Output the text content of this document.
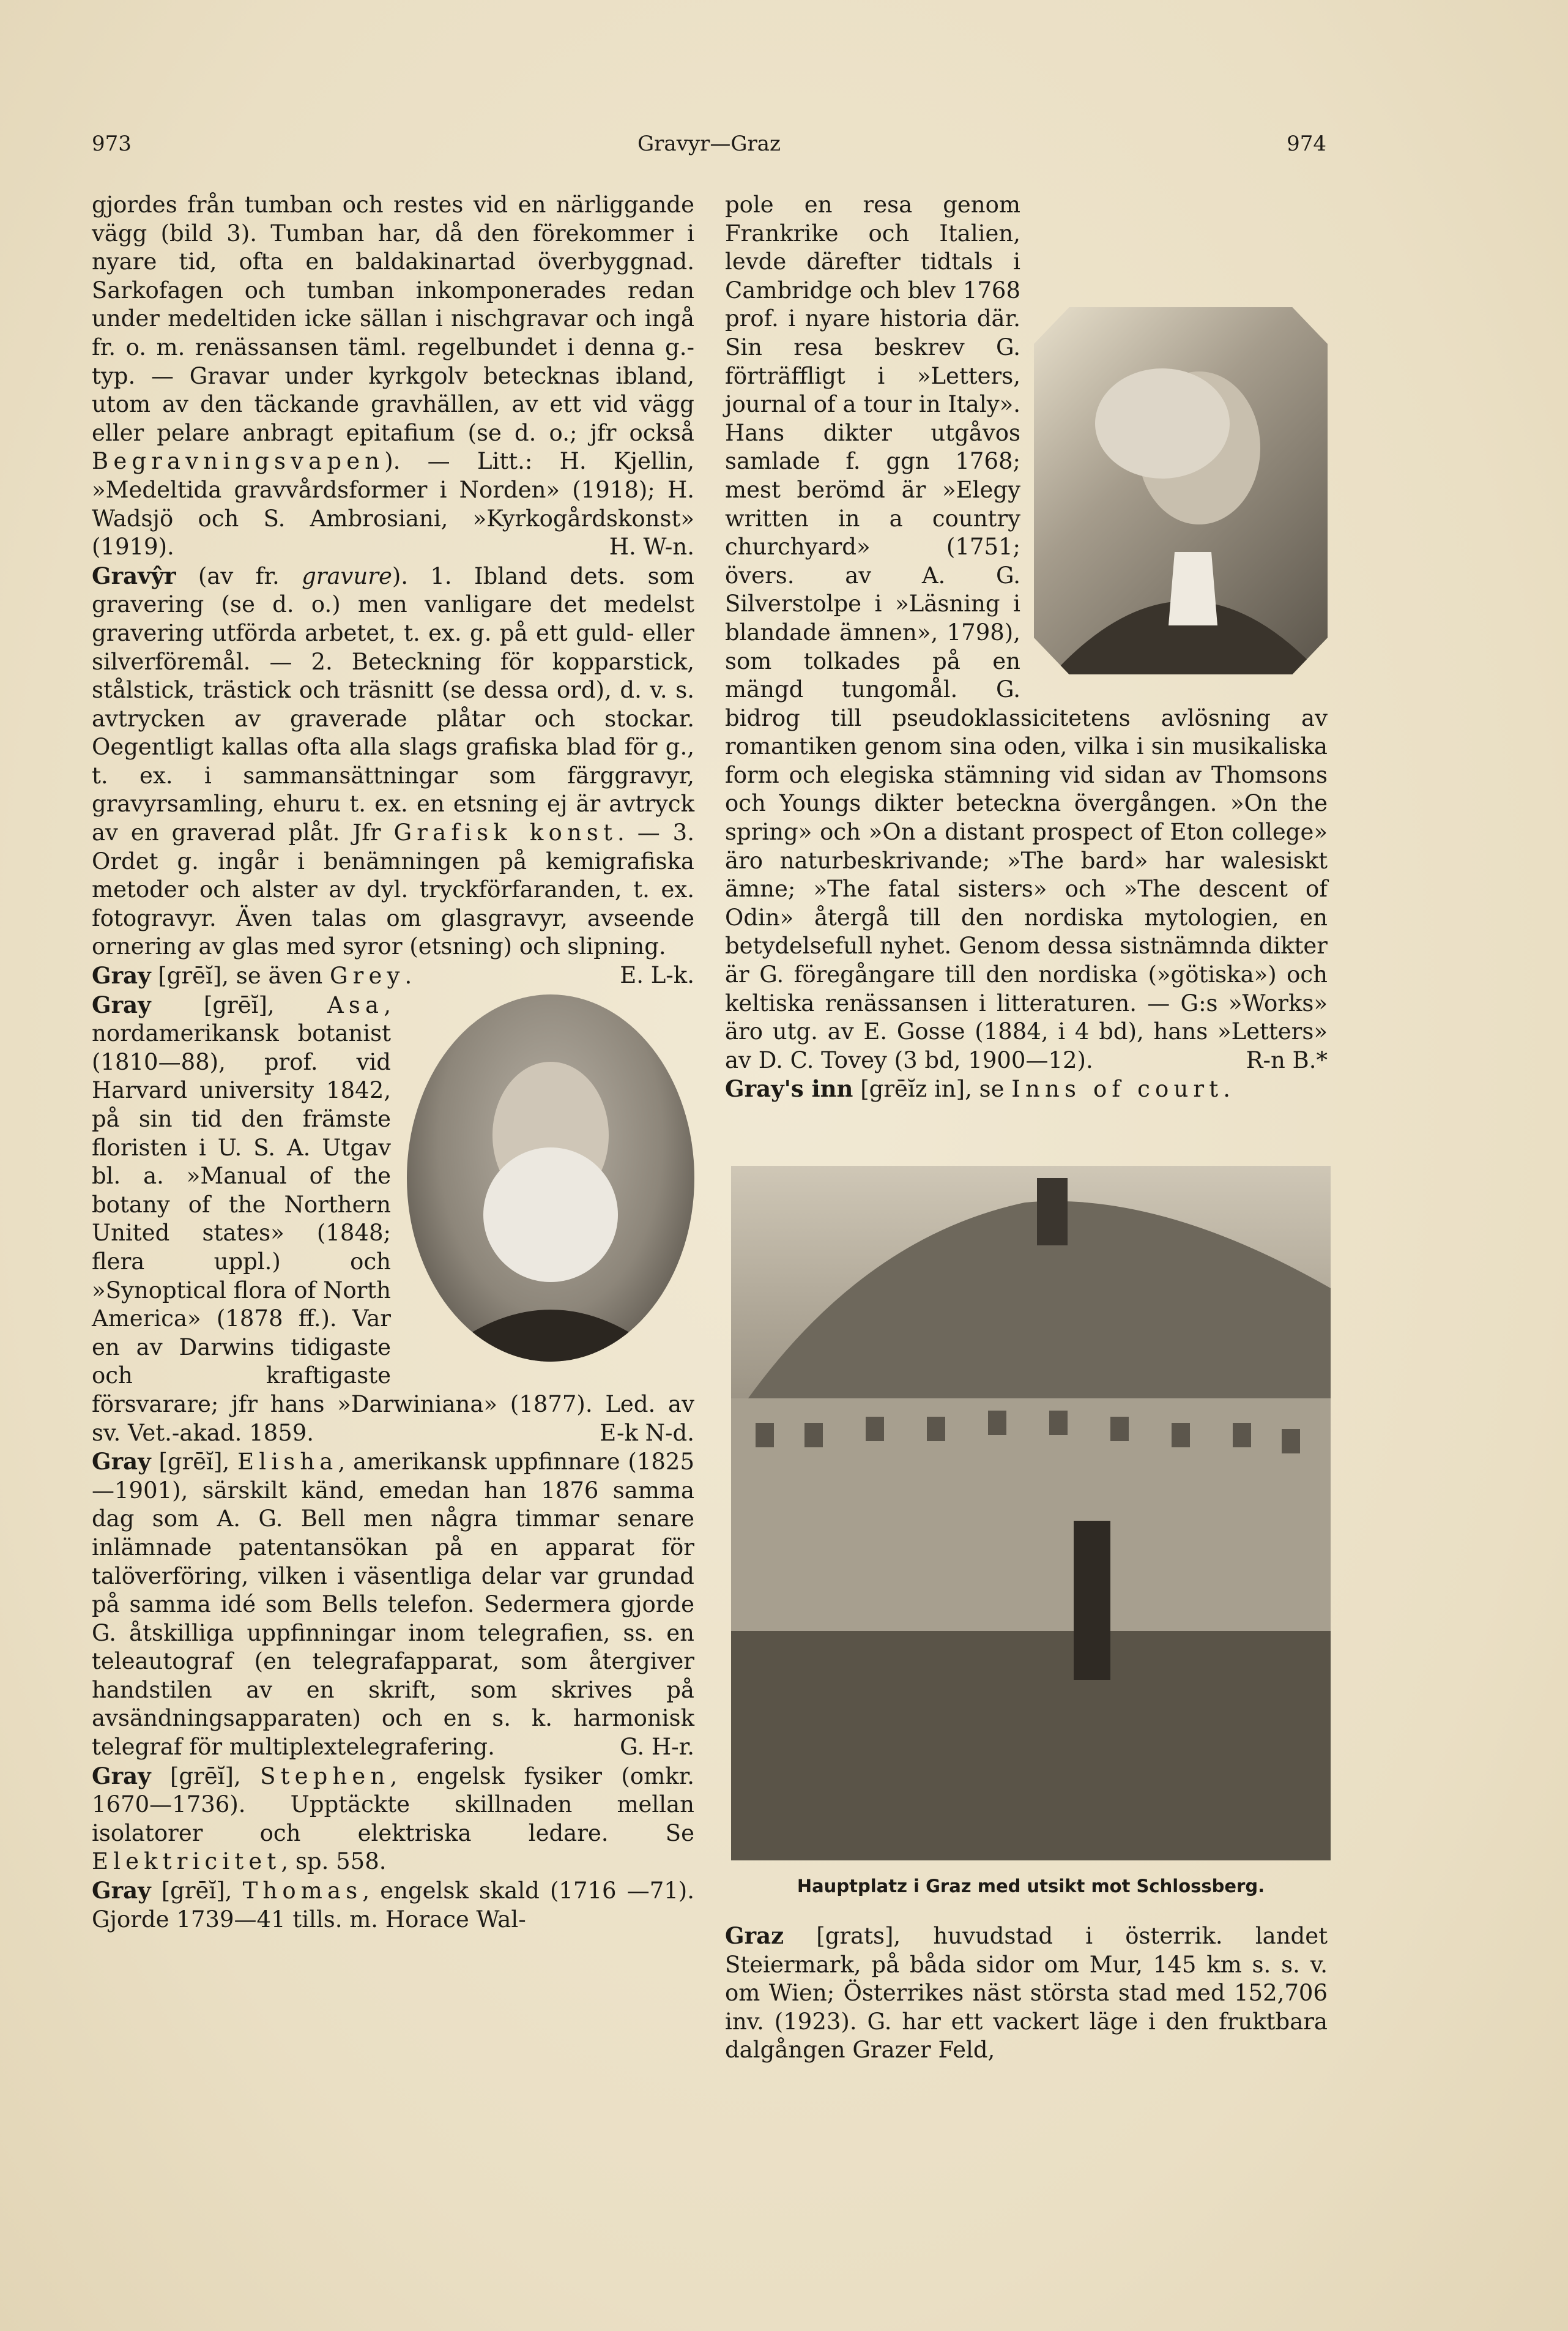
973	Gravyr—Graz	974

gjordes från tumban och restes vid en närliggande vägg (bild 3). Tumban har, då den förekommer i nyare tid, ofta en baldakinartad överbyggnad. Sarkofagen och tumban inkomponerades redan under medeltiden icke sällan i nischgravar och ingå fr. o. m. renässansen täml. regelbundet i denna g.-typ. — Gravar under kyrkgolv betecknas ibland, utom av den täckande gravhällen, av ett vid vägg eller pelare anbragt epitafium (se d. o.; jfr också Begravningsvapen). — Litt.: H. Kjellin, »Medeltida gravvårdsformer i Norden» (1918); H. Wadsjö och S. Ambrosiani, »Kyrkogårdskonst» (1919).	H. W-n.

Gravŷr (av fr. gravure). 1. Ibland dets. som gravering (se d. o.) men vanligare det medelst gravering utförda arbetet, t. ex. g. på ett guld- eller silverföremål. — 2. Beteckning för kopparstick, stålstick, trästick och träsnitt (se dessa ord), d. v. s. avtrycken av graverade plåtar och stockar. Oegentligt kallas ofta alla slags grafiska blad för g., t. ex. i sammansättningar som färggravyr, gravyrsamling, ehuru t. ex. en etsning ej är avtryck av en graverad plåt. Jfr Grafisk konst. — 3. Ordet g. ingår i benämningen på kemigrafiska metoder och alster av dyl. tryckförfaranden, t. ex. fotogravyr. Även talas om glasgravyr, avseende ornering av glas med syror (etsning) och slipning.
E. L-k.

Gray [grēĭ], se även Grey.

Gray [grēĭ], Asa, nordamerikansk botanist (1810—88), prof. vid Harvard university 1842, på sin tid den främste floristen i U. S. A. Utgav bl. a. »Manual of the botany of the Northern United states» (1848; flera uppl.) och »Synoptical flora of North America» (1878 ff.). Var en av Darwins tidigaste och kraftigaste försvarare; jfr hans »Darwiniana» (1877). Led. av sv. Vet.-akad. 1859.	E-k N-d.

Gray [grēĭ], Elisha, amerikansk uppfinnare (1825—1901), särskilt känd, emedan han 1876 samma dag som A. G. Bell men några timmar senare inlämnade patentansökan på en apparat för talöverföring, vilken i väsentliga delar var grundad på samma idé som Bells telefon. Sedermera gjorde G. åtskilliga uppfinningar inom telegrafien, ss. en teleautograf (en telegrafapparat, som återgiver handstilen av en skrift, som skrives på avsändningsapparaten) och en s. k. harmonisk telegraf för multiplextelegrafering.	G. H-r.

Gray [grēĭ], Stephen, engelsk fysiker (omkr. 1670—1736). Upptäckte skillnaden mellan isolatorer och elektriska ledare. Se Elektricitet, sp. 558.

Gray [grēĭ], Thomas, engelsk skald (1716 —71). Gjorde 1739—41 tills. m. Horace Wal-

pole en resa genom Frankrike och Italien, levde därefter tidtals i Cambridge och blev 1768 prof. i nyare historia där. Sin resa beskrev G. förträffligt i »Letters, journal of a tour in Italy». Hans dikter utgåvos samlade f. ggn 1768; mest berömd är »Elegy written in a country churchyard» (1751; övers. av A. G. Silverstolpe i »Läsning i blandade ämnen», 1798), som tolkades på en mängd tungomål. G. bidrog till pseudoklassicitetens avlösning av romantiken genom sina oden, vilka i sin musikaliska form och elegiska stämning vid sidan av Thomsons och Youngs dikter beteckna övergången. »On the spring» och »On a distant prospect of Eton college» äro naturbeskrivande; »The bard» har walesiskt ämne; »The fatal sisters» och »The descent of Odin» återgå till den nordiska mytologien, en betydelsefull nyhet. Genom dessa sistnämnda dikter är G. föregångare till den nordiska (»götiska») och keltiska renässansen i litteraturen. — G:s »Works» äro utg. av E. Gosse (1884, i 4 bd), hans »Letters» av D. C. Tovey (3 bd, 1900—12).	R-n B.*

Gray's inn [grēĭz in], se Inns of court.

Hauptplatz i Graz med utsikt mot Schlossberg.

Graz [grats], huvudstad i österrik. landet Steiermark, på båda sidor om Mur, 145 km s. s. v. om Wien; Österrikes näst största stad med 152,706 inv. (1923). G. har ett vackert läge i den fruktbara dalgången Grazer Feld,
